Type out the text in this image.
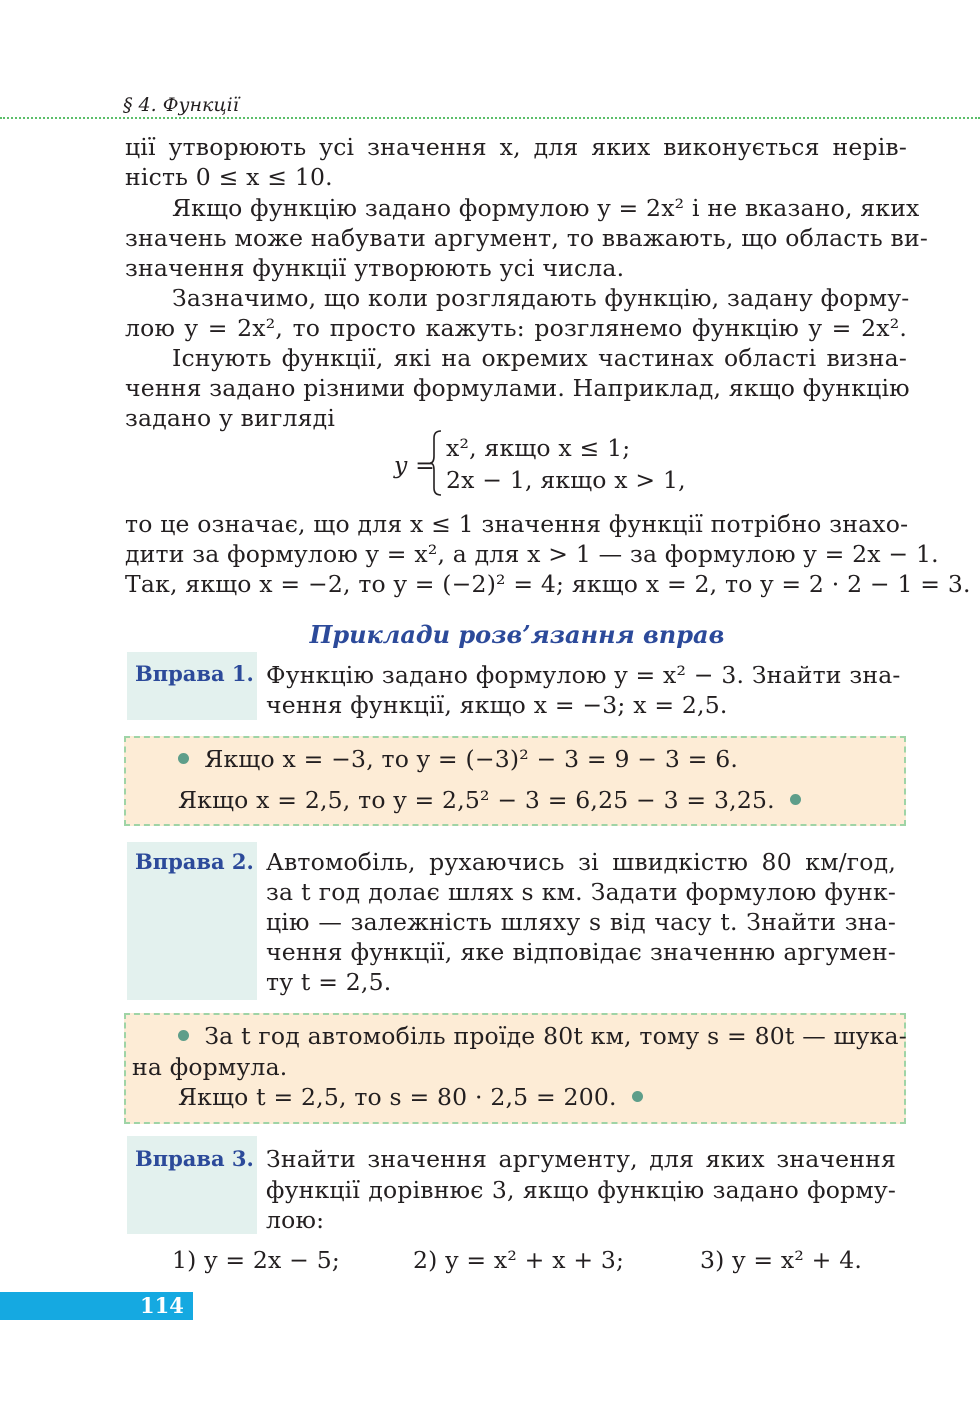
§ 4. Функції
ції утворюють усі значення x, для яких виконується нерів-
ність 0 ≤ x ≤ 10.
Якщо функцію задано формулою y = 2x² і не вказано, яких
значень може набувати аргумент, то вважають, що область ви-
значення функції утворюють усі числа.
Зазначимо, що коли розглядають функцію, задану форму-
лою y = 2x², то просто кажуть: розглянемо функцію y = 2x².
Існують функції, які на окремих частинах області визна-
чення задано різними формулами. Наприклад, якщо функцію
задано у вигляді
y =
x², якщо x ≤ 1;
2x − 1, якщо x > 1,
то це означає, що для x ≤ 1 значення функції потрібно знахо-
дити за формулою y = x², а для x > 1 — за формулою y = 2x − 1.
Так, якщо x = −2, то y = (−2)² = 4; якщо x = 2, то y = 2 · 2 − 1 = 3.
Приклади розв’язання вправ
Вправа 1. Функцію задано формулою y = x² − 3. Знайти зна-
чення функції, якщо x = −3; x = 2,5.
Якщо x = −3, то y = (−3)² − 3 = 9 − 3 = 6.
Якщо x = 2,5, то y = 2,5² − 3 = 6,25 − 3 = 3,25.
Вправа 2. Автомобіль, рухаючись зі швидкістю 80 км/год,
за t год долає шлях s км. Задати формулою функ-
цію — залежність шляху s від часу t. Знайти зна-
чення функції, яке відповідає значенню аргумен-
ту t = 2,5.
За t год автомобіль проїде 80t км, тому s = 80t — шука-
на формула.
Якщо t = 2,5, то s = 80 · 2,5 = 200.
Вправа 3. Знайти значення аргументу, для яких значення
функції дорівнює 3, якщо функцію задано форму-
лою:
1) y = 2x − 5;	2) y = x² + x + 3;	3) y = x² + 4.
114
